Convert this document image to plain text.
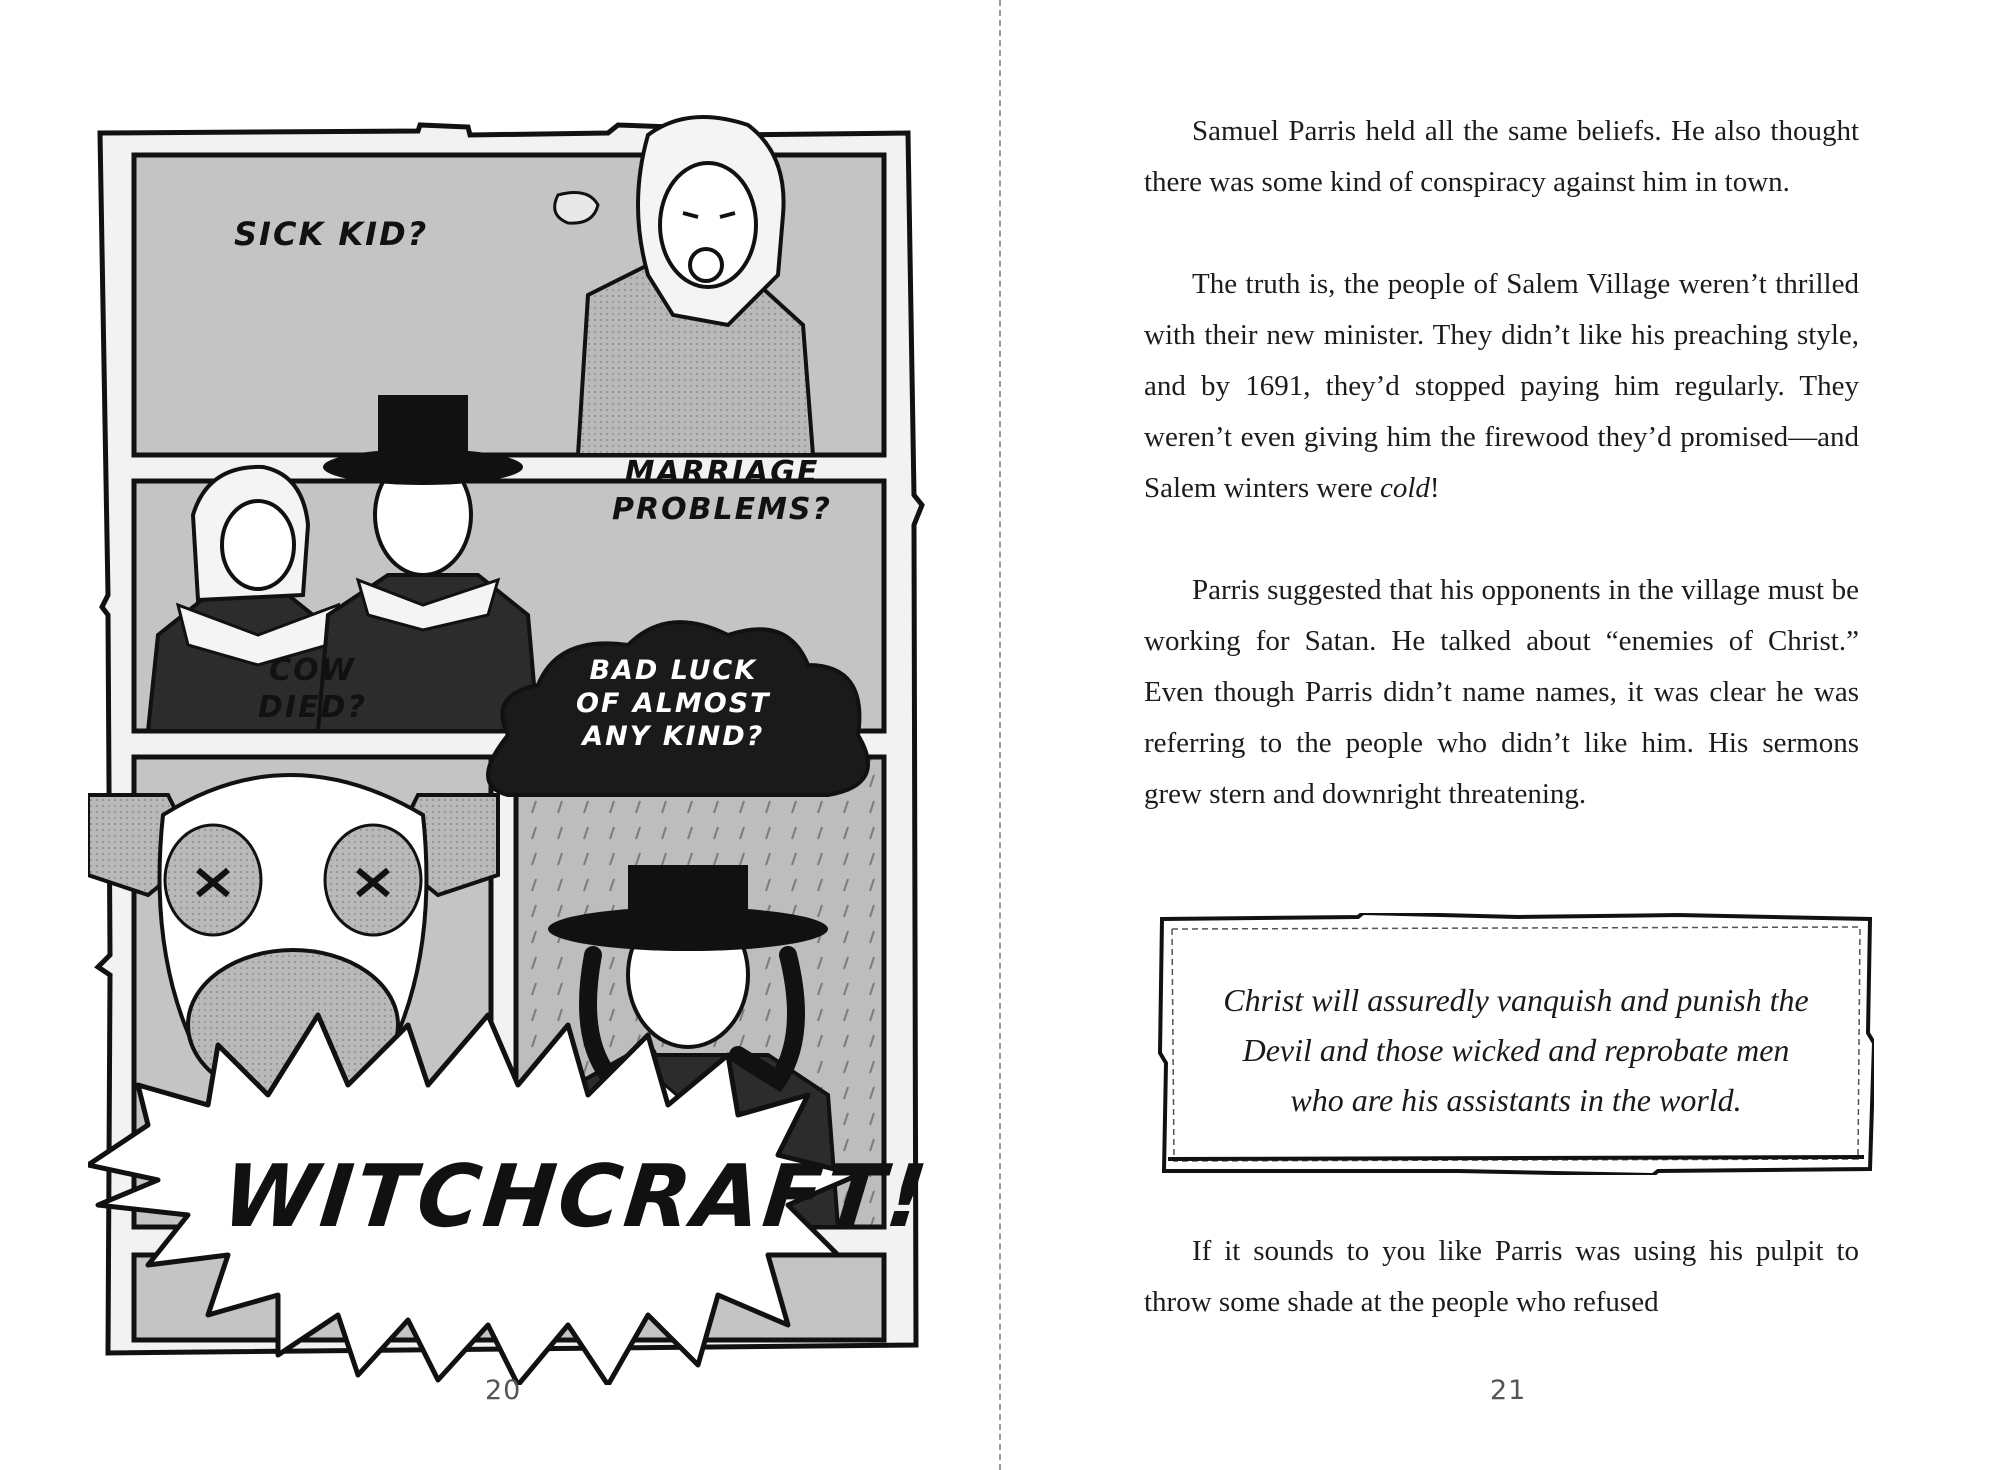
SICK KID?
MARRIAGE
PROBLEMS?
COW
DIED?
BAD LUCK
OF ALMOST
ANY KIND?
WITCHCRAFT!
20

Samuel Parris held all the same beliefs. He also thought there was some kind of conspiracy against him in town.

The truth is, the people of Salem Village weren’t thrilled with their new minister. They didn’t like his preaching style, and by 1691, they’d stopped paying him regularly. They weren’t even giving him the firewood they’d promised—and Salem winters were cold!

Parris suggested that his opponents in the village must be working for Satan. He talked about “enemies of Christ.” Even though Parris didn’t name names, it was clear he was referring to the people who didn’t like him. His sermons grew stern and downright threatening.

Christ will assuredly vanquish and punish the Devil and those wicked and reprobate men who are his assistants in the world.

If it sounds to you like Parris was using his pulpit to throw some shade at the people who refused

21
